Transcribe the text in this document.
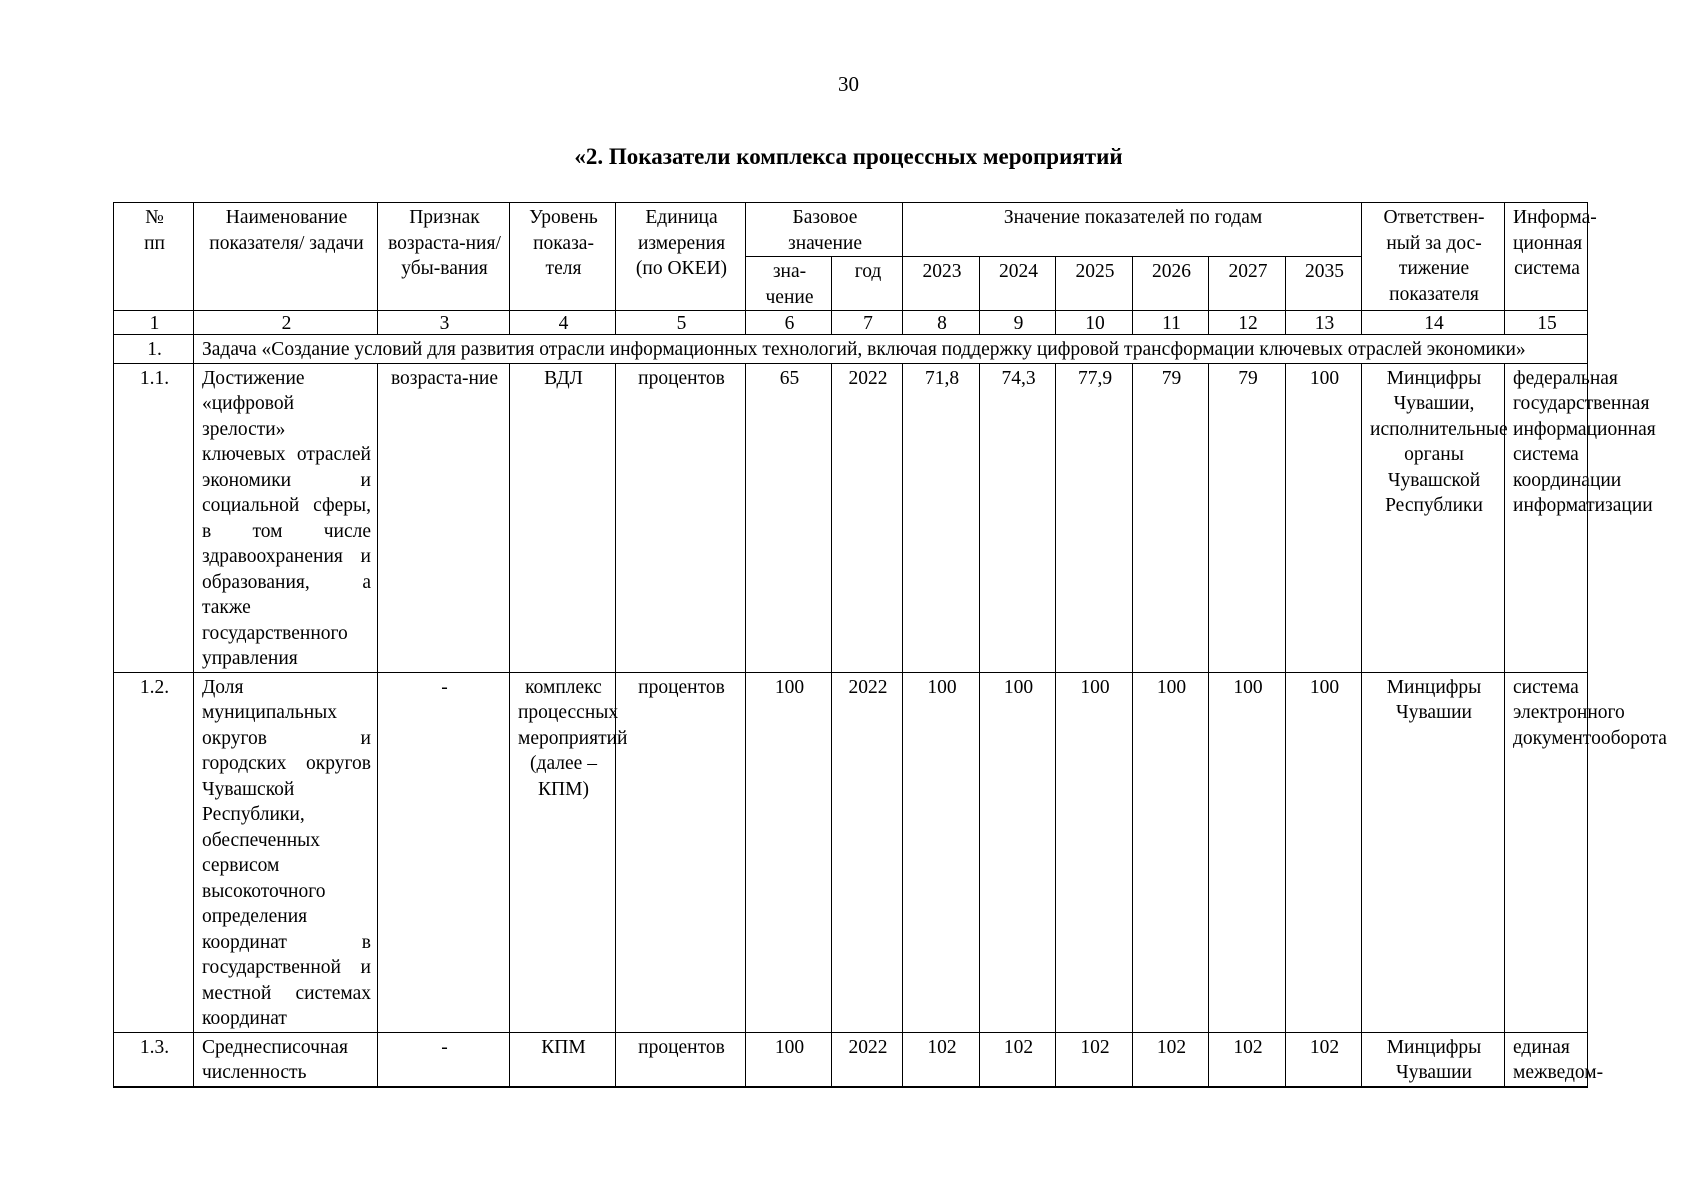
30
«2. Показатели комплекса процессных мероприятий
№
пп	Наименование показателя/ задачи	Признак возраста-ния/ убы-вания	Уровень показа-теля	Единица измерения (по ОКЕИ)	Базовое значение		Значение показателей по годам						Ответствен-ный за дос-тижение показателя	Информа-ционная система
					зна-чение	год	2023	2024	2025	2026	2027	2035		
1	2	3	4	5	6	7	8	9	10	11	12	13	14	15
1.	Задача «Создание условий для развития отрасли информационных технологий, включая поддержку цифровой трансформации ключевых отраслей экономики»													
1.1.	Достижение «цифровой зрелости» ключевых отраслей экономики и социальной сферы, в том числе здравоохранения и образования, а также государственного управления	возраста-ние	ВДЛ	процентов	65	2022	71,8	74,3	77,9	79	79	100	Минцифры Чувашии, исполнительные органы Чувашской Республики	федеральная государственная информационная система координации информатизации
1.2.	Доля муниципальных округов и городских округов Чувашской Республики, обеспеченных сервисом высокоточного определения координат в государственной и местной системах координат	-	комплекс процессных мероприятий (далее – КПМ)	процентов	100	2022	100	100	100	100	100	100	Минцифры Чувашии	система электронного документооборота
1.3.	Среднесписочная численность	-	КПМ	процентов	100	2022	102	102	102	102	102	102	Минцифры Чувашии	единая межведом-
